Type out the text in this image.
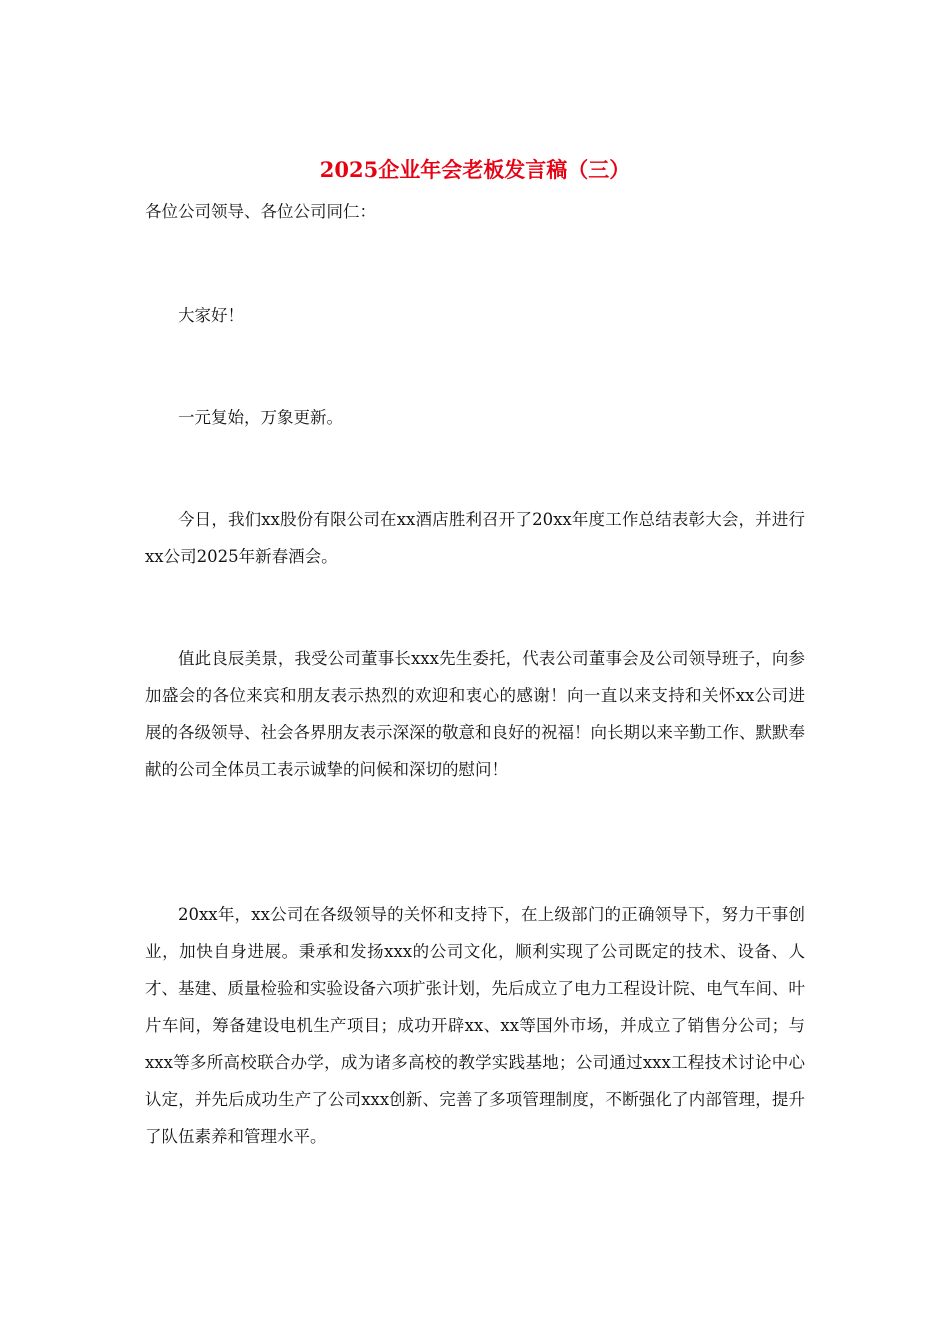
2025企业年会老板发言稿（三）

各位公司领导、各位公司同仁：

大家好！

一元复始，万象更新。

今日，我们xx股份有限公司在xx酒店胜利召开了20xx年度工作总结表彰大会，并进行xx公司2025年新春酒会。

值此良辰美景，我受公司董事长xxx先生委托，代表公司董事会及公司领导班子，向参加盛会的各位来宾和朋友表示热烈的欢迎和衷心的感谢！向一直以来支持和关怀xx公司进展的各级领导、社会各界朋友表示深深的敬意和良好的祝福！向长期以来辛勤工作、默默奉献的公司全体员工表示诚挚的问候和深切的慰问！

20xx年，xx公司在各级领导的关怀和支持下，在上级部门的正确领导下，努力干事创业，加快自身进展。秉承和发扬xxx的公司文化，顺利实现了公司既定的技术、设备、人才、基建、质量检验和实验设备六项扩张计划，先后成立了电力工程设计院、电气车间、叶片车间，筹备建设电机生产项目；成功开辟xx、xx等国外市场，并成立了销售分公司；与xxx等多所高校联合办学，成为诸多高校的教学实践基地；公司通过xxx工程技术讨论中心认定，并先后成功生产了公司xxx创新、完善了多项管理制度，不断强化了内部管理，提升了队伍素养和管理水平。
